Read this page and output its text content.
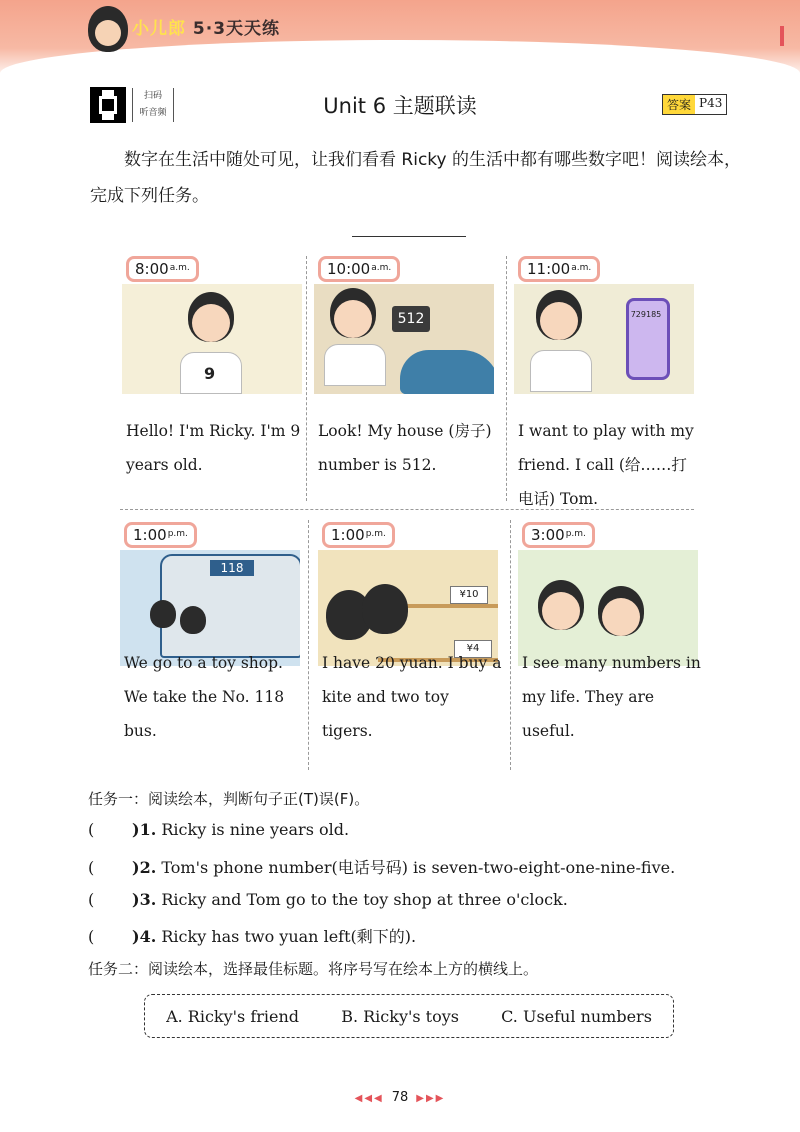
小儿郎 5·3天天练
扫码
听音频	Unit 6 主题联读	答案 P43
数字在生活中随处可见，让我们看看 Ricky 的生活中都有哪些数字吧！阅读绘本，完成下列任务。
$8:00^{a.m.}$
9
Hello! I'm Ricky. I'm 9 years old.
$10:00^{a.m.}$
512
Look! My house (房子) number is 512.
$11:00^{a.m.}$
729185
I want to play with my friend. I call (给……打电话) Tom.
$1:00^{p.m.}$
118
We go to a toy shop. We take the No. 118 bus.
$1:00^{p.m.}$
¥10
¥4
I have 20 yuan. I buy a kite and two toy tigers.
$3:00^{p.m.}$
I see many numbers in my life. They are useful.
任务一：阅读绘本，判断句子正(T)误(F)。
( )1. Ricky is nine years old.
( )2. Tom's phone number(电话号码) is seven-two-eight-one-nine-five.
( )3. Ricky and Tom go to the toy shop at three o'clock.
( )4. Ricky has two yuan left(剩下的).
任务二：阅读绘本，选择最佳标题。将序号写在绘本上方的横线上。
A. Ricky's friend	B. Ricky's toys	C. Useful numbers
◀◀◀ 78 ▶▶▶
